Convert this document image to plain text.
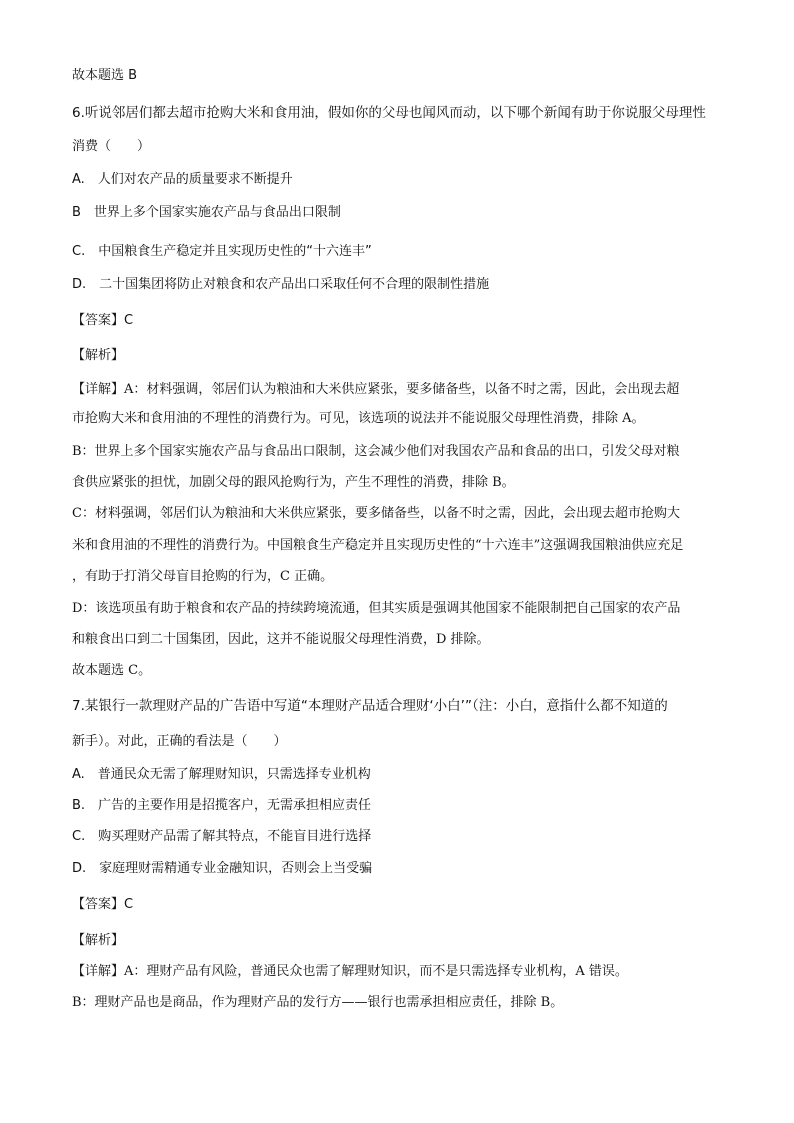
故本题选 B
6.听说邻居们都去超市抢购大米和食用油，假如你的父母也闻风而动，以下哪个新闻有助于你说服父母理性
消费（　　）
A.　人们对农产品的质量要求不断提升
B　世界上多个国家实施农产品与食品出口限制
C.　中国粮食生产稳定并且实现历史性的“十六连丰”
D.　二十国集团将防止对粮食和农产品出口采取任何不合理的限制性措施
【答案】C
【解析】
【详解】A：材料强调，邻居们认为粮油和大米供应紧张，要多储备些，以备不时之需，因此，会出现去超
市抢购大米和食用油的不理性的消费行为。可见，该选项的说法并不能说服父母理性消费，排除 A。
B：世界上多个国家实施农产品与食品出口限制，这会减少他们对我国农产品和食品的出口，引发父母对粮
食供应紧张的担忧，加剧父母的跟风抢购行为，产生不理性的消费，排除 B。
C：材料强调，邻居们认为粮油和大米供应紧张，要多储备些，以备不时之需，因此，会出现去超市抢购大
米和食用油的不理性的消费行为。中国粮食生产稳定并且实现历史性的“十六连丰”这强调我国粮油供应充足
，有助于打消父母盲目抢购的行为，C 正确。
D：该选项虽有助于粮食和农产品的持续跨境流通，但其实质是强调其他国家不能限制把自己国家的农产品
和粮食出口到二十国集团，因此，这并不能说服父母理性消费，D 排除。
故本题选 C。
7.某银行一款理财产品的广告语中写道“本理财产品适合理财‘小白’”（注：小白，意指什么都不知道的
新手）。对此，正确的看法是（　　）
A.　普通民众无需了解理财知识，只需选择专业机构
B.　广告的主要作用是招揽客户，无需承担相应责任
C.　购买理财产品需了解其特点，不能盲目进行选择
D.　家庭理财需精通专业金融知识，否则会上当受骗
【答案】C
【解析】
【详解】A：理财产品有风险，普通民众也需了解理财知识，而不是只需选择专业机构，A 错误。
B：理财产品也是商品，作为理财产品的发行方——银行也需承担相应责任，排除 B。
